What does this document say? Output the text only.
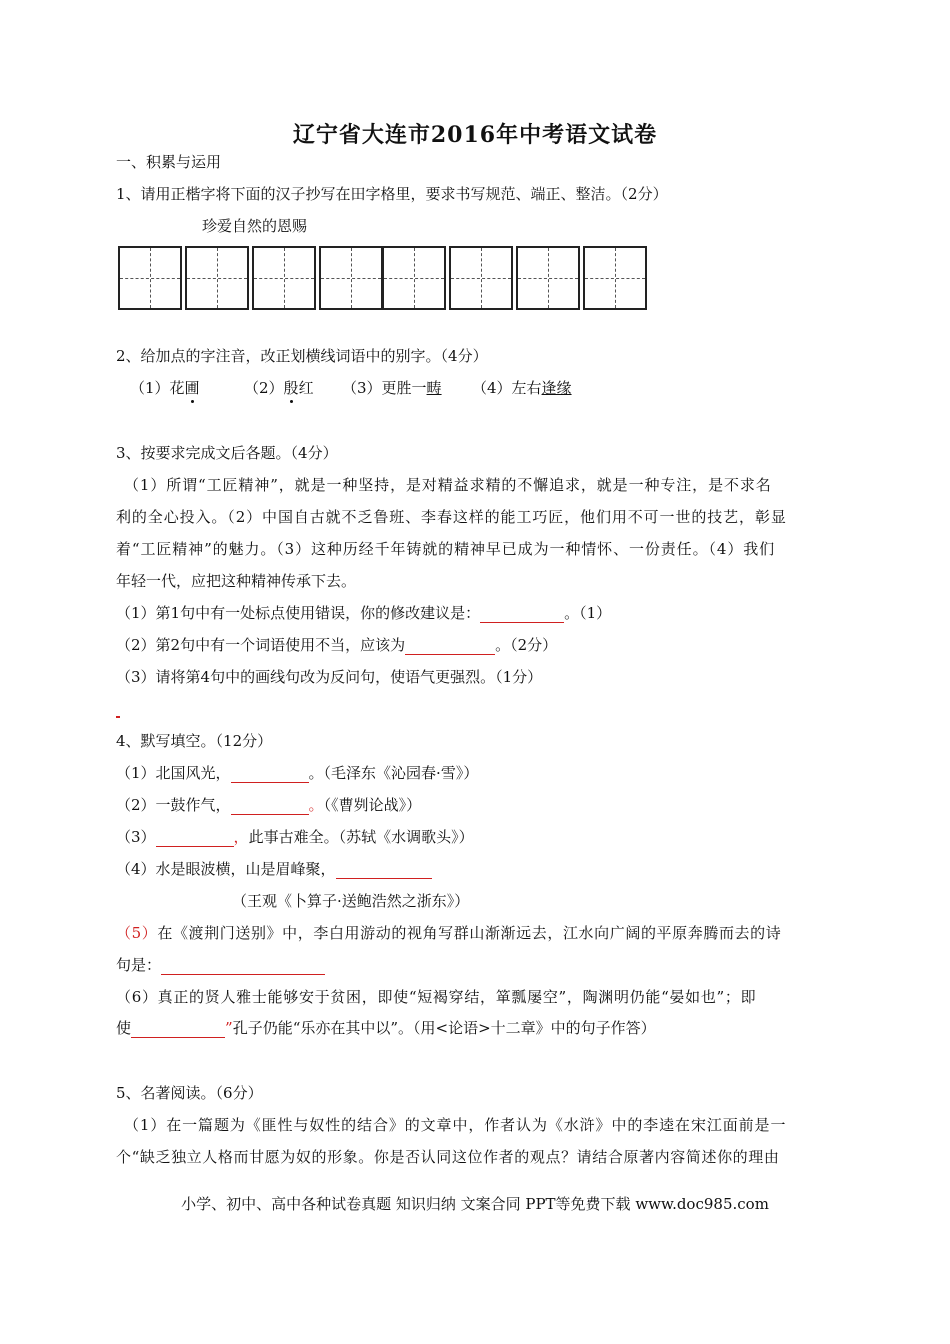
辽宁省大连市2016年中考语文试卷
一、积累与运用
1、请用正楷字将下面的汉子抄写在田字格里，要求书写规范、端正、整洁。（2分）
珍爱自然的恩赐
2、给加点的字注音，改正划横线词语中的别字。（4分）
（1）花圃	（2）殷红 （3）更胜一畴 （4）左右逢缘
3、按要求完成文后各题。（4分）
（1）所谓“工匠精神”，就是一种坚持，是对精益求精的不懈追求，就是一种专注，是不求名
利的全心投入。（2）中国自古就不乏鲁班、李春这样的能工巧匠，他们用不可一世的技艺，彰显
着“工匠精神”的魅力。（3）这种历经千年铸就的精神早已成为一种情怀、一份责任。（4）我们
年轻一代，应把这种精神传承下去。
（1）第1句中有一处标点使用错误，你的修改建议是：	。（1）
（2）第2句中有一个词语使用不当，应该为	。（2分）
（3）请将第4句中的画线句改为反问句，使语气更强烈。（1分）
4、默写填空。（12分）
（1）北国风光，	。（毛泽东《沁园春·雪》）
（2）一鼓作气，	。（《曹刿论战》）
（3）	，此事古难全。（苏轼《水调歌头》）
（4）水是眼波横，山是眉峰聚，
（王观《卜算子·送鲍浩然之浙东》）
（5）在《渡荆门送别》中，李白用游动的视角写群山渐渐远去，江水向广阔的平原奔腾而去的诗
句是：
（6）真正的贤人雅士能够安于贫困，即使“短褐穿结，箪瓢屡空”，陶渊明仍能“晏如也”；即
使	”孔子仍能“乐亦在其中以”。（用<论语>十二章》中的句子作答）
5、名著阅读。（6分）
（1）在一篇题为《匪性与奴性的结合》的文章中，作者认为《水浒》中的李逵在宋江面前是一
个“缺乏独立人格而甘愿为奴的形象。你是否认同这位作者的观点？请结合原著内容简述你的理由
小学、初中、高中各种试卷真题 知识归纳 文案合同 PPT等免费下载 www.doc985.com
